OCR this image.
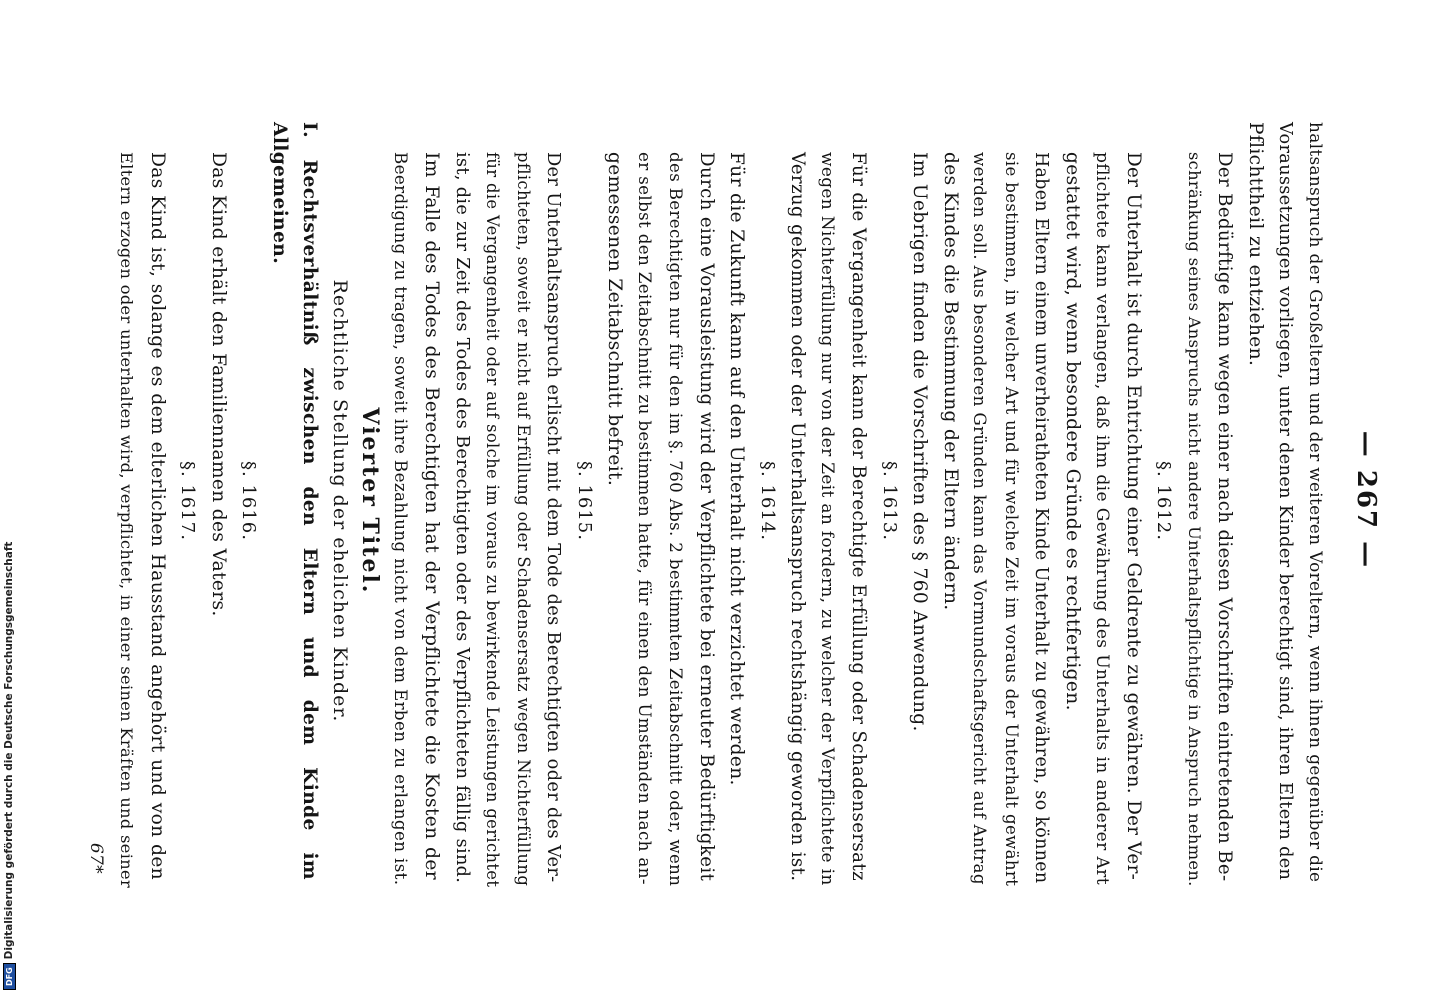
DFGDigitalisierung gefördert durch die Deutsche Forschungsgemeinschaft
— 267 —
haltsanspruch der Großeltern und der weiteren Voreltern, wenn ihnen gegenüber die
Voraussetzungen vorliegen, unter denen Kinder berechtigt sind, ihren Eltern den
Pflichttheil zu entziehen.
Der Bedürftige kann wegen einer nach diesen Vorschriften eintretenden Be-
schränkung seines Anspruchs nicht andere Unterhaltspflichtige in Anspruch nehmen.
§. 1612.
Der Unterhalt ist durch Entrichtung einer Geldrente zu gewähren. Der Ver-
pflichtete kann verlangen, daß ihm die Gewährung des Unterhalts in anderer Art
gestattet wird, wenn besondere Gründe es rechtfertigen.
Haben Eltern einem unverheiratheten Kinde Unterhalt zu gewähren, so können
sie bestimmen, in welcher Art und für welche Zeit im voraus der Unterhalt gewährt
werden soll. Aus besonderen Gründen kann das Vormundschaftsgericht auf Antrag
des Kindes die Bestimmung der Eltern ändern.
Im Uebrigen finden die Vorschriften des § 760 Anwendung.
§. 1613.
Für die Vergangenheit kann der Berechtigte Erfüllung oder Schadensersatz
wegen Nichterfüllung nur von der Zeit an fordern, zu welcher der Verpflichtete in
Verzug gekommen oder der Unterhaltsanspruch rechtshängig geworden ist.
§. 1614.
Für die Zukunft kann auf den Unterhalt nicht verzichtet werden.
Durch eine Vorausleistung wird der Verpflichtete bei erneuter Bedürftigkeit
des Berechtigten nur für den im §. 760 Abs. 2 bestimmten Zeitabschnitt oder, wenn
er selbst den Zeitabschnitt zu bestimmen hatte, für einen den Umständen nach an-
gemessenen Zeitabschnitt befreit.
§. 1615.
Der Unterhaltsanspruch erlischt mit dem Tode des Berechtigten oder des Ver-
pflichteten, soweit er nicht auf Erfüllung oder Schadensersatz wegen Nichterfüllung
für die Vergangenheit oder auf solche im voraus zu bewirkende Leistungen gerichtet
ist, die zur Zeit des Todes des Berechtigten oder des Verpflichteten fällig sind.
Im Falle des Todes des Berechtigten hat der Verpflichtete die Kosten der
Beerdigung zu tragen, soweit ihre Bezahlung nicht von dem Erben zu erlangen ist.
Vierter Titel.
Rechtliche Stellung der ehelichen Kinder.
I. Rechtsverhältniß zwischen den Eltern und dem Kinde im Allgemeinen.
§. 1616.
Das Kind erhält den Familiennamen des Vaters.
§. 1617.
Das Kind ist, solange es dem elterlichen Hausstand angehört und von den
Eltern erzogen oder unterhalten wird, verpflichtet, in einer seinen Kräften und seiner
67*
